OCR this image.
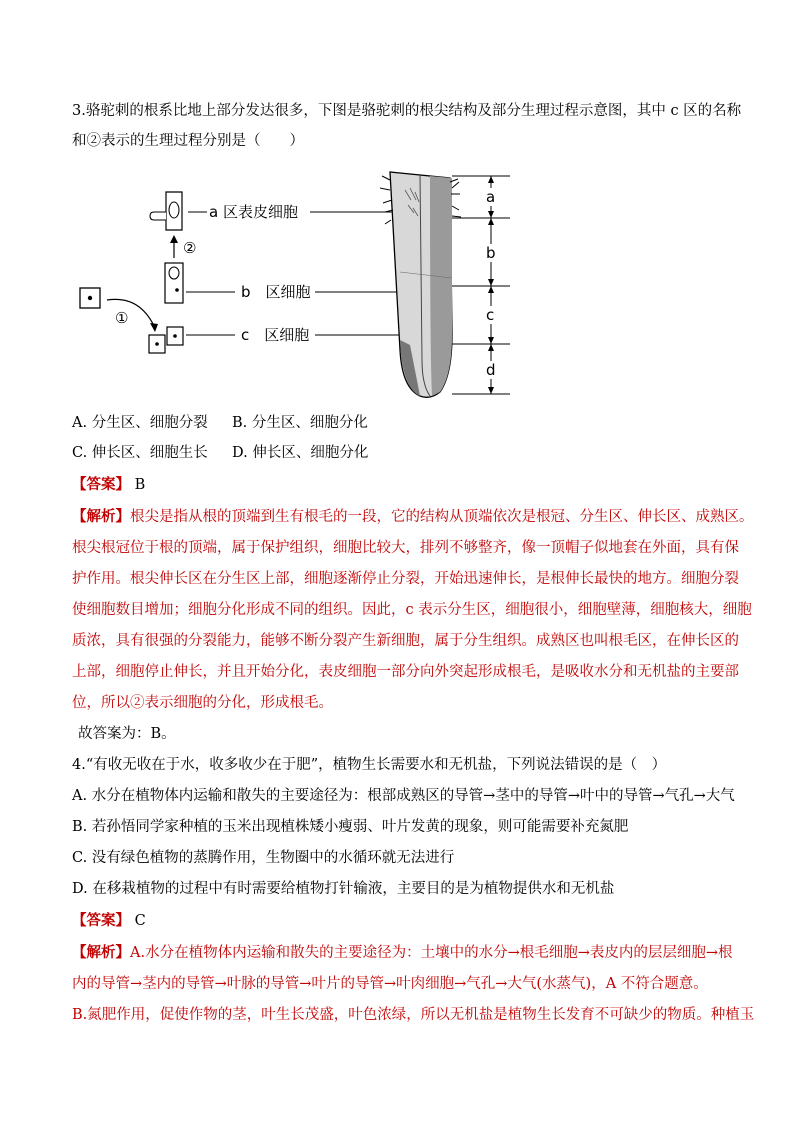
3.骆驼刺的根系比地上部分发达很多，下图是骆驼刺的根尖结构及部分生理过程示意图，其中 c 区的名称
和②表示的生理过程分别是（　　）
①
②
a 区表皮细胞
b　区细胞
c　区细胞
a
b
c
d
A. 分生区、细胞分裂 B. 分生区、细胞分化
C. 伸长区、细胞生长 D. 伸长区、细胞分化
【答案】 B
【解析】根尖是指从根的顶端到生有根毛的一段，它的结构从顶端依次是根冠、分生区、伸长区、成熟区。
根尖根冠位于根的顶端，属于保护组织，细胞比较大，排列不够整齐，像一顶帽子似地套在外面，具有保
护作用。根尖伸长区在分生区上部，细胞逐渐停止分裂，开始迅速伸长，是根伸长最快的地方。细胞分裂
使细胞数目增加；细胞分化形成不同的组织。因此，c 表示分生区，细胞很小，细胞壁薄，细胞核大，细胞
质浓，具有很强的分裂能力，能够不断分裂产生新细胞，属于分生组织。成熟区也叫根毛区，在伸长区的
上部，细胞停止伸长，并且开始分化，表皮细胞一部分向外突起形成根毛，是吸收水分和无机盐的主要部
位，所以②表示细胞的分化，形成根毛。
故答案为：B。
4.“有收无收在于水，收多收少在于肥”，植物生长需要水和无机盐，下列说法错误的是（　）
A. 水分在植物体内运输和散失的主要途径为：根部成熟区的导管→茎中的导管→叶中的导管→气孔→大气
B. 若孙悟同学家种植的玉米出现植株矮小瘦弱、叶片发黄的现象，则可能需要补充氮肥
C. 没有绿色植物的蒸腾作用，生物圈中的水循环就无法进行
D. 在移栽植物的过程中有时需要给植物打针输液，主要目的是为植物提供水和无机盐
【答案】 C
【解析】A.水分在植物体内运输和散失的主要途径为：土壤中的水分→根毛细胞→表皮内的层层细胞→根
内的导管→茎内的导管→叶脉的导管→叶片的导管→叶肉细胞→气孔→大气(水蒸气)，A 不符合题意。
B.氮肥作用，促使作物的茎，叶生长茂盛，叶色浓绿，所以无机盐是植物生长发育不可缺少的物质。种植玉
